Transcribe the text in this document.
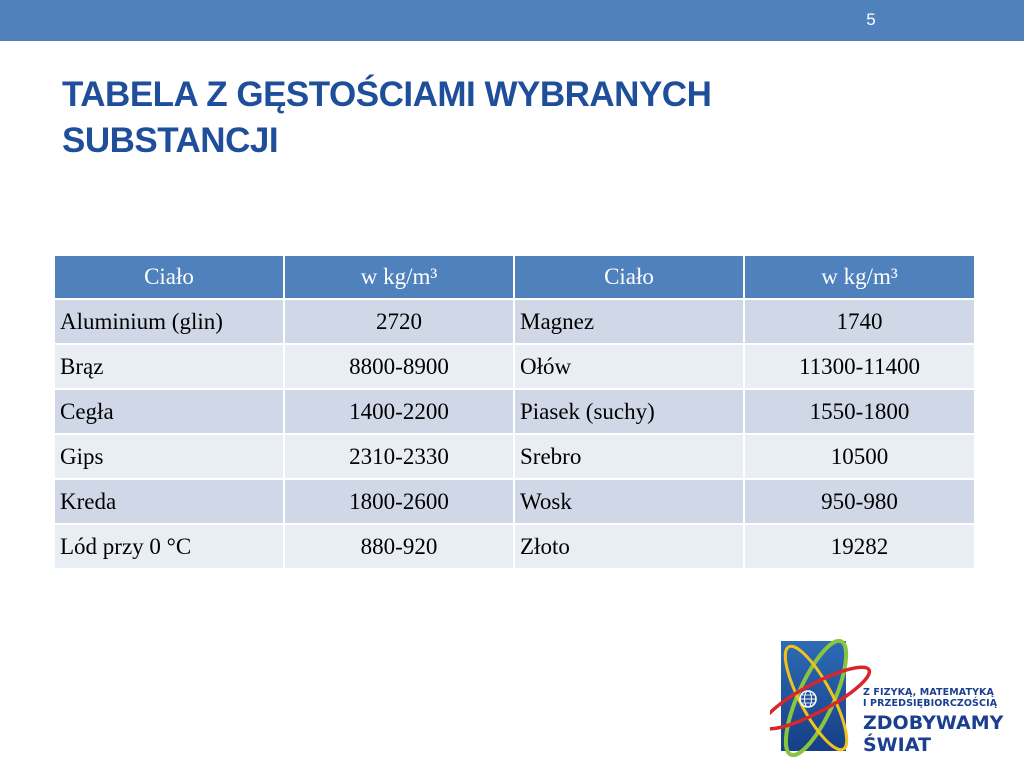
5
TABELA Z GĘSTOŚCIAMI WYBRANYCH
SUBSTANCJI
Ciało	w kg/m³	Ciało	w kg/m³
Aluminium (glin)	2720	Magnez	1740
Brąz	8800-8900	Ołów	11300-11400
Cegła	1400-2200	Piasek (suchy)	1550-1800
Gips	2310-2330	Srebro	10500
Kreda	1800-2600	Wosk	950-980
Lód przy 0 °C	880-920	Złoto	19282
Z FIZYKĄ, MATEMATYKĄ
I PRZEDSIĘBIORCZOŚCIĄ
ZDOBYWAMY
ŚWIAT
